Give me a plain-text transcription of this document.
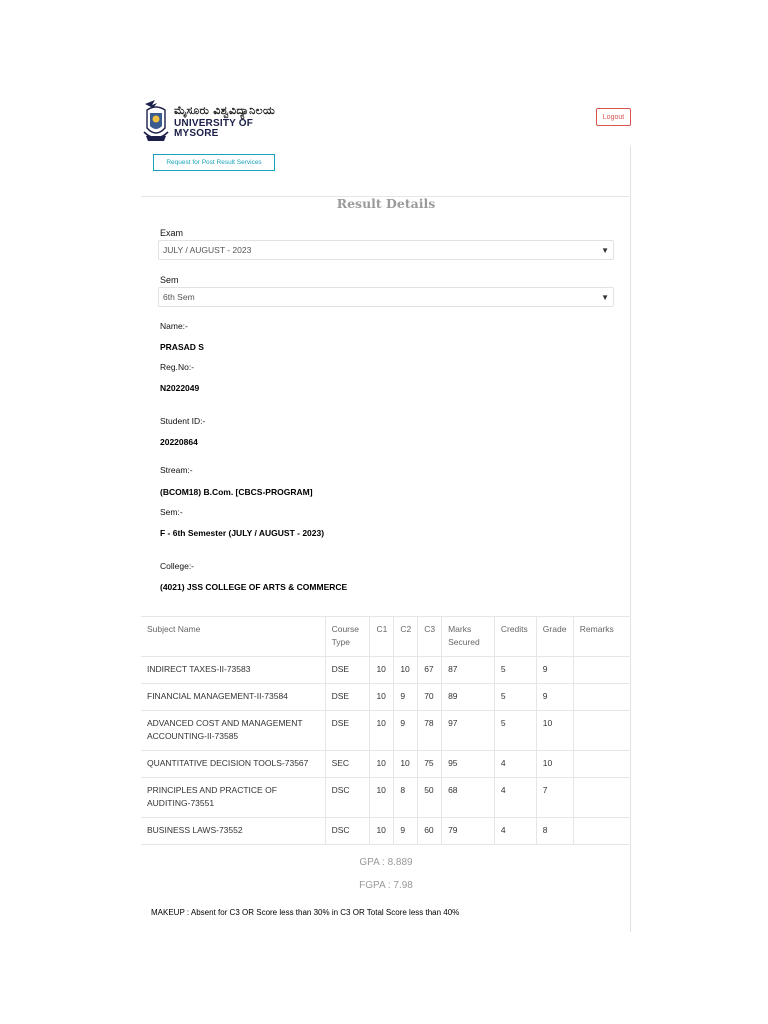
ಮೈಸೂರು ವಿಶ್ವವಿದ್ಯಾನಿಲಯ
UNIVERSITY OF MYSORE
Logout
Request for Post Result Services
Result Details
Exam
JULY / AUGUST - 2023	▼
Sem
6th Sem	▼
Name:-
PRASAD S
Reg.No:-
N2022049
Student ID:-
20220864
Stream:-
(BCOM18) B.Com. [CBCS-PROGRAM]
Sem:-
F - 6th Semester (JULY / AUGUST - 2023)
College:-
(4021) JSS COLLEGE OF ARTS & COMMERCE
Subject Name	Course Type	C1	C2	C3	Marks Secured	Credits	Grade	Remarks
INDIRECT TAXES-II-73583	DSE	10	10	67	87	5	9	
FINANCIAL MANAGEMENT-II-73584	DSE	10	9	70	89	5	9	
ADVANCED COST AND MANAGEMENT ACCOUNTING-II-73585	DSE	10	9	78	97	5	10	
QUANTITATIVE DECISION TOOLS-73567	SEC	10	10	75	95	4	10	
PRINCIPLES AND PRACTICE OF AUDITING-73551	DSC	10	8	50	68	4	7	
BUSINESS LAWS-73552	DSC	10	9	60	79	4	8	
GPA : 8.889
FGPA : 7.98
MAKEUP : Absent for C3 OR Score less than 30% in C3 OR Total Score less than 40%
